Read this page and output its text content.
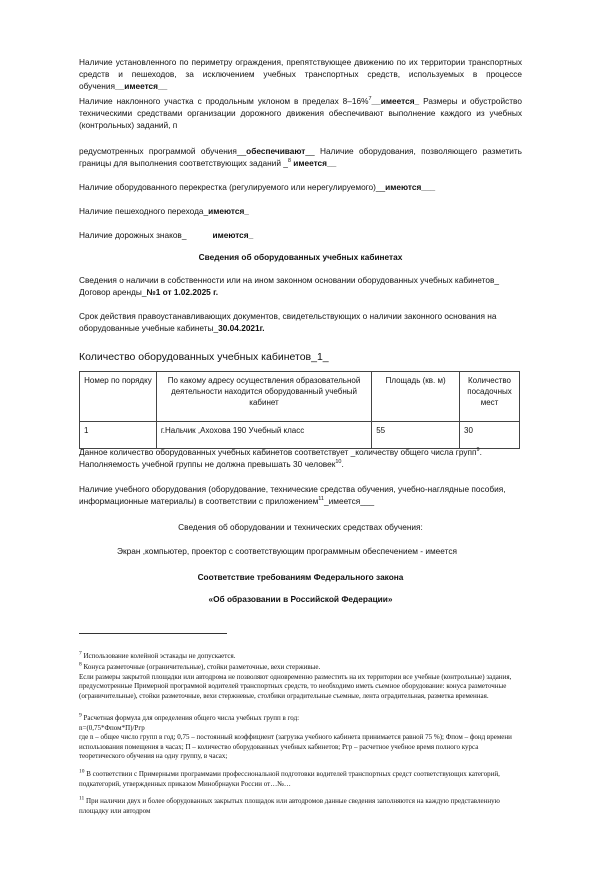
Наличие установленного по периметру ограждения, препятствующее движению по их территории транспортных средств и пешеходов, за исключением учебных транспортных средств, используемых в процессе обучения__имеется__
Наличие наклонного участка с продольным уклоном в пределах 8–16%$^7$__имеется_ Размеры и обустройство техническими средствами организации дорожного движения обеспечивают выполнение каждого из учебных (контрольных) заданий, п
редусмотренных программой обучения__обеспечивают__ Наличие оборудования, позволяющего разметить границы для выполнения соответствующих заданий _$^8$ имеется__
Наличие оборудованного перекрестка (регулируемого или нерегулируемого)__имеются___
Наличие пешеходного перехода_имеются_
Наличие дорожных знаков_	имеются_
Сведения об оборудованных учебных кабинетах
Сведения о наличии в собственности или на ином законном основании оборудованных учебных кабинетов_
Договор аренды_№1 от 1.02.2025 г.
Срок действия правоустанавливающих документов, свидетельствующих о наличии законного основания на оборудованные учебные кабинеты_30.04.2021г.
Количество оборудованных учебных кабинетов_1_
Номер по порядку	По какому адресу осуществления образовательной деятельности находится оборудованный учебный кабинет	Площадь (кв. м)	Количество посадочных мест
1	г.Нальчик ,Ахохова 190 Учебный класс	55	30
Данное количество оборудованных учебных кабинетов соответствует _количеству общего числа групп$^9$. Наполняемость учебной группы не должна превышать 30 человек$^{10}$.
Наличие учебного оборудования (оборудование, технические средства обучения, учебно-наглядные пособия, информационные материалы) в соответствии с приложением$^{11}$_имеется___
Сведения об оборудовании и технических средствах обучения:
Экран ,компьютер, проектор с соответствующим программным обеспечением - имеется
Соответствие требованиям Федерального закона
«Об образовании в Российской Федерации»
$^7$ Использование колейной эстакады не допускается.
$^8$ Конуса разметочные (ограничительные), стойки разметочные, вехи стерживые.
Если размеры закрытой площадки или автодрома не позволяют одновременно разместить на их территории все учебные (контрольные) задания, предусмотренные Примерной программой водителей транспортных средств, то необходимо иметь съемное оборудование: конуса разметочные (ограничительные), стойки разметочные, вехи стержневые, столбики оградительные съемные, лента оградительная, разметка временная.
$^9$ Расчетная формула для определения общего числа учебных групп в год:
n=(0,75*Фпом*П)/Ргр
где n – общее число групп в год; 0,75 – постоянный коэффициент (загрузка учебного кабинета принимается равной 75 %); Фпом – фонд времени использования помещения в часах; П – количество оборудованных учебных кабинетов; Pгр – расчетное учебное время полного курса теоретического обучения на одну группу, в часах;
$^{10}$ В соответствии с Примерными программами профессиональной подготовки водителей транспортных средст соответствующих категорий, подкатегорий, утвержденных приказом Минобрнауки России от…№…
$^{11}$ При наличии двух и более оборудованных закрытых площадок или автодромов данные сведения заполняются на каждую представленную площадку или автодром
